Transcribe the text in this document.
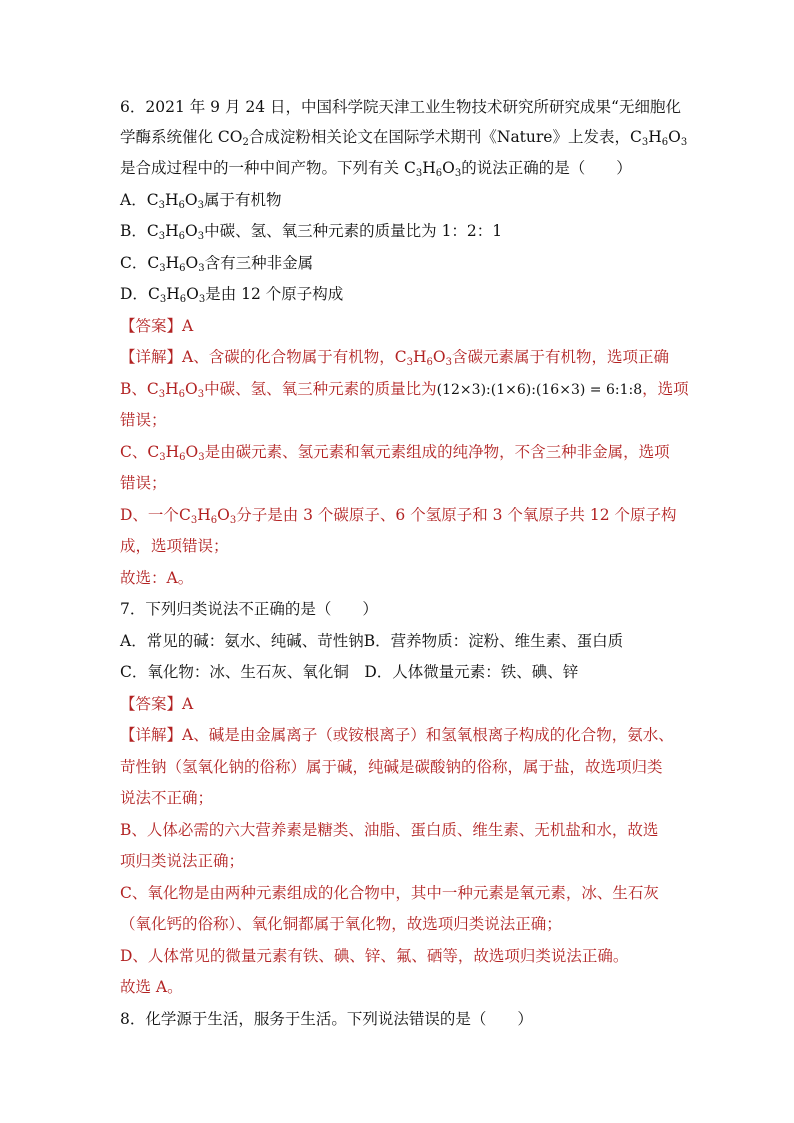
6．2021 年 9 月 24 日，中国科学院天津工业生物技术研究所研究成果“无细胞化
学酶系统催化 $CO_2$合成淀粉相关论文在国际学术期刊《Nature》上发表，$C_3H_6O_3$
是合成过程中的一种中间产物。下列有关 $C_3H_6O_3$的说法正确的是（　　）
A．$C_3H_6O_3$属于有机物
B．$C_3H_6O_3$中碳、氢、氧三种元素的质量比为 1：2：1
C．$C_3H_6O_3$含有三种非金属
D．$C_3H_6O_3$是由 12 个原子构成
【答案】A
【详解】A、含碳的化合物属于有机物，$C_3H_6O_3$含碳元素属于有机物，选项正确
B、$C_3H_6O_3$中碳、氢、氧三种元素的质量比为(12×3):(1×6):(16×3) = 6:1:8，选项
错误；
C、$C_3H_6O_3$是由碳元素、氢元素和氧元素组成的纯净物，不含三种非金属，选项
错误；
D、一个$C_3H_6O_3$分子是由 3 个碳原子、6 个氢原子和 3 个氧原子共 12 个原子构
成，选项错误；
故选：A。
7．下列归类说法不正确的是（　　）
A．常见的碱：氨水、纯碱、苛性钠B．营养物质：淀粉、维生素、蛋白质
C．氧化物：冰、生石灰、氧化铜　D．人体微量元素：铁、碘、锌
【答案】A
【详解】A、碱是由金属离子（或铵根离子）和氢氧根离子构成的化合物，氨水、
苛性钠（氢氧化钠的俗称）属于碱，纯碱是碳酸钠的俗称，属于盐，故选项归类
说法不正确；
B、人体必需的六大营养素是糖类、油脂、蛋白质、维生素、无机盐和水，故选
项归类说法正确；
C、氧化物是由两种元素组成的化合物中，其中一种元素是氧元素，冰、生石灰
（氧化钙的俗称）、氧化铜都属于氧化物，故选项归类说法正确；
D、人体常见的微量元素有铁、碘、锌、氟、硒等，故选项归类说法正确。
故选 A。
8．化学源于生活，服务于生活。下列说法错误的是（　　）
